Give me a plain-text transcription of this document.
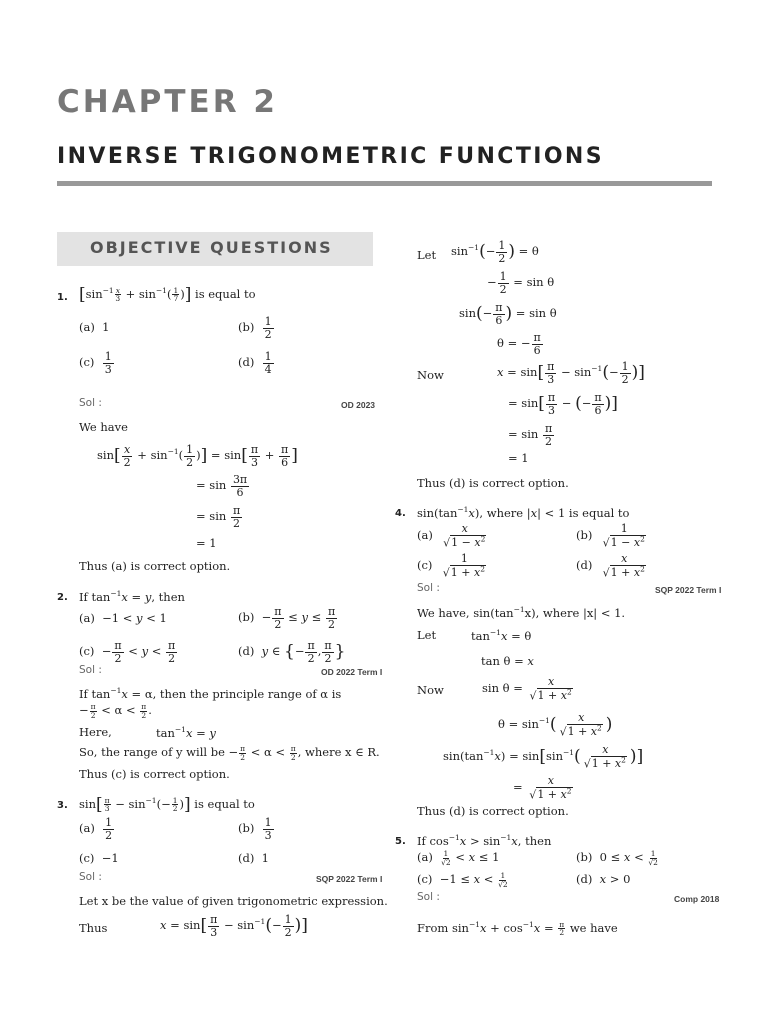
CHAPTER 2
INVERSE TRIGONOMETRIC FUNCTIONS
OBJECTIVE QUESTIONS
1. [$\sin^{-1} \frac{x}{3} + \sin^{-1}( \frac{1}{7}$ )] is equal to
(a)  1	$(b) \frac{1}{2}$
$(c) \frac{1}{3}$	$(d) \frac{1}{4}$
Sol :	OD 2023
We have
$\sin[ \frac{x}{2} + \sin^{-1}( \frac{1}{2}$ )] = $\sin[ \frac{\pi}{3} + \frac{\pi}{6}$ ]
= $\sin \frac{3\pi}{6}$
= $\sin \frac{\pi}{2}$
= 1
Thus (a) is correct option.
2. If $\tan^{-1}x = y$, then
(a)  −1 < y < 1	$(b) - \frac{\pi}{2} \le y \le \frac{\pi}{2}$
$(c) - \frac{\pi}{2} < y < \frac{\pi}{2}$	(d)  y ∈ {− $\frac{\pi}{2}$ , $\frac{\pi}{2}$ }
Sol :	OD 2022 Term I
If $\tan^{-1}x = \alpha$, then the principle range of α is
− $\frac{\pi}{2} < \alpha < \frac{\pi}{2}$ .
Here,	$\tan^{-1}x = y$
So, the range of y will be − $\frac{\pi}{2} < \alpha < \frac{\pi}{2}$ , where x ∈ R.
Thus (c) is correct option.
3. $\sin[ \frac{\pi}{3} - \sin^{-1}(- \frac{1}{2}$ )] is equal to
$(a) \frac{1}{2}$	$(b) \frac{1}{3}$
(c)  −1	(d)  1
Sol :	SQP 2022 Term I
Let x be the value of given trigonometric expression.
Thus	$x = \sin[ \frac{\pi}{3} - \sin^{-1}(- \frac{1}{2}$ )]
Let $\sin^{-1}(- \frac{1}{2}$ ) = θ
− $\frac{1}{2} = \sin \theta$
$\sin(- \frac{\pi}{6}$ ) = sin θ
θ = − $\frac{\pi}{6}$
Now	$x = \sin[ \frac{\pi}{3} - \sin^{-1}(- \frac{1}{2}$ )]
= $\sin[ \frac{\pi}{3}$ − (− $\frac{\pi}{6}$ )]
= $\sin \frac{\pi}{2}$
= 1
Thus (d) is correct option.
4. $\sin(\tan^{-1}x)$, where |x| < 1 is equal to
$(a) \frac{x}{√1 - x^2}$	$(b) \frac{1}{√1 - x^2}$
$(c) \frac{1}{√1 + x^2}$	$(d) \frac{x}{√1 + x^2}$
Sol :	SQP 2022 Term I
We have, $\sin(\tan^{-1}x)$, where |x| < 1.
Let	$\tan^{-1}x = \theta$
tan θ = x
Now	$\sin \theta = \frac{x}{√1 + x^2}$
$\theta = \sin^{-1}( \frac{x}{√1 + x^2}$ )
$\sin(\tan^{-1}x) = \sin[\sin^{-1}( \frac{x}{√1 + x^2}$ )]
= $\frac{x}{√1 + x^2}$
Thus (d) is correct option.
5. If $\cos^{-1}x > \sin^{-1}x$, then
$(a) \frac{1}{√2} < x \le 1$	(b)  $0 \le x < \frac{1}{√2}$
$(c) -1 \le x < \frac{1}{√2}$	(d)  x > 0
Sol :	Comp 2018
From $\sin^{-1}x + \cos^{-1}x = \frac{\pi}{2}$ we have
